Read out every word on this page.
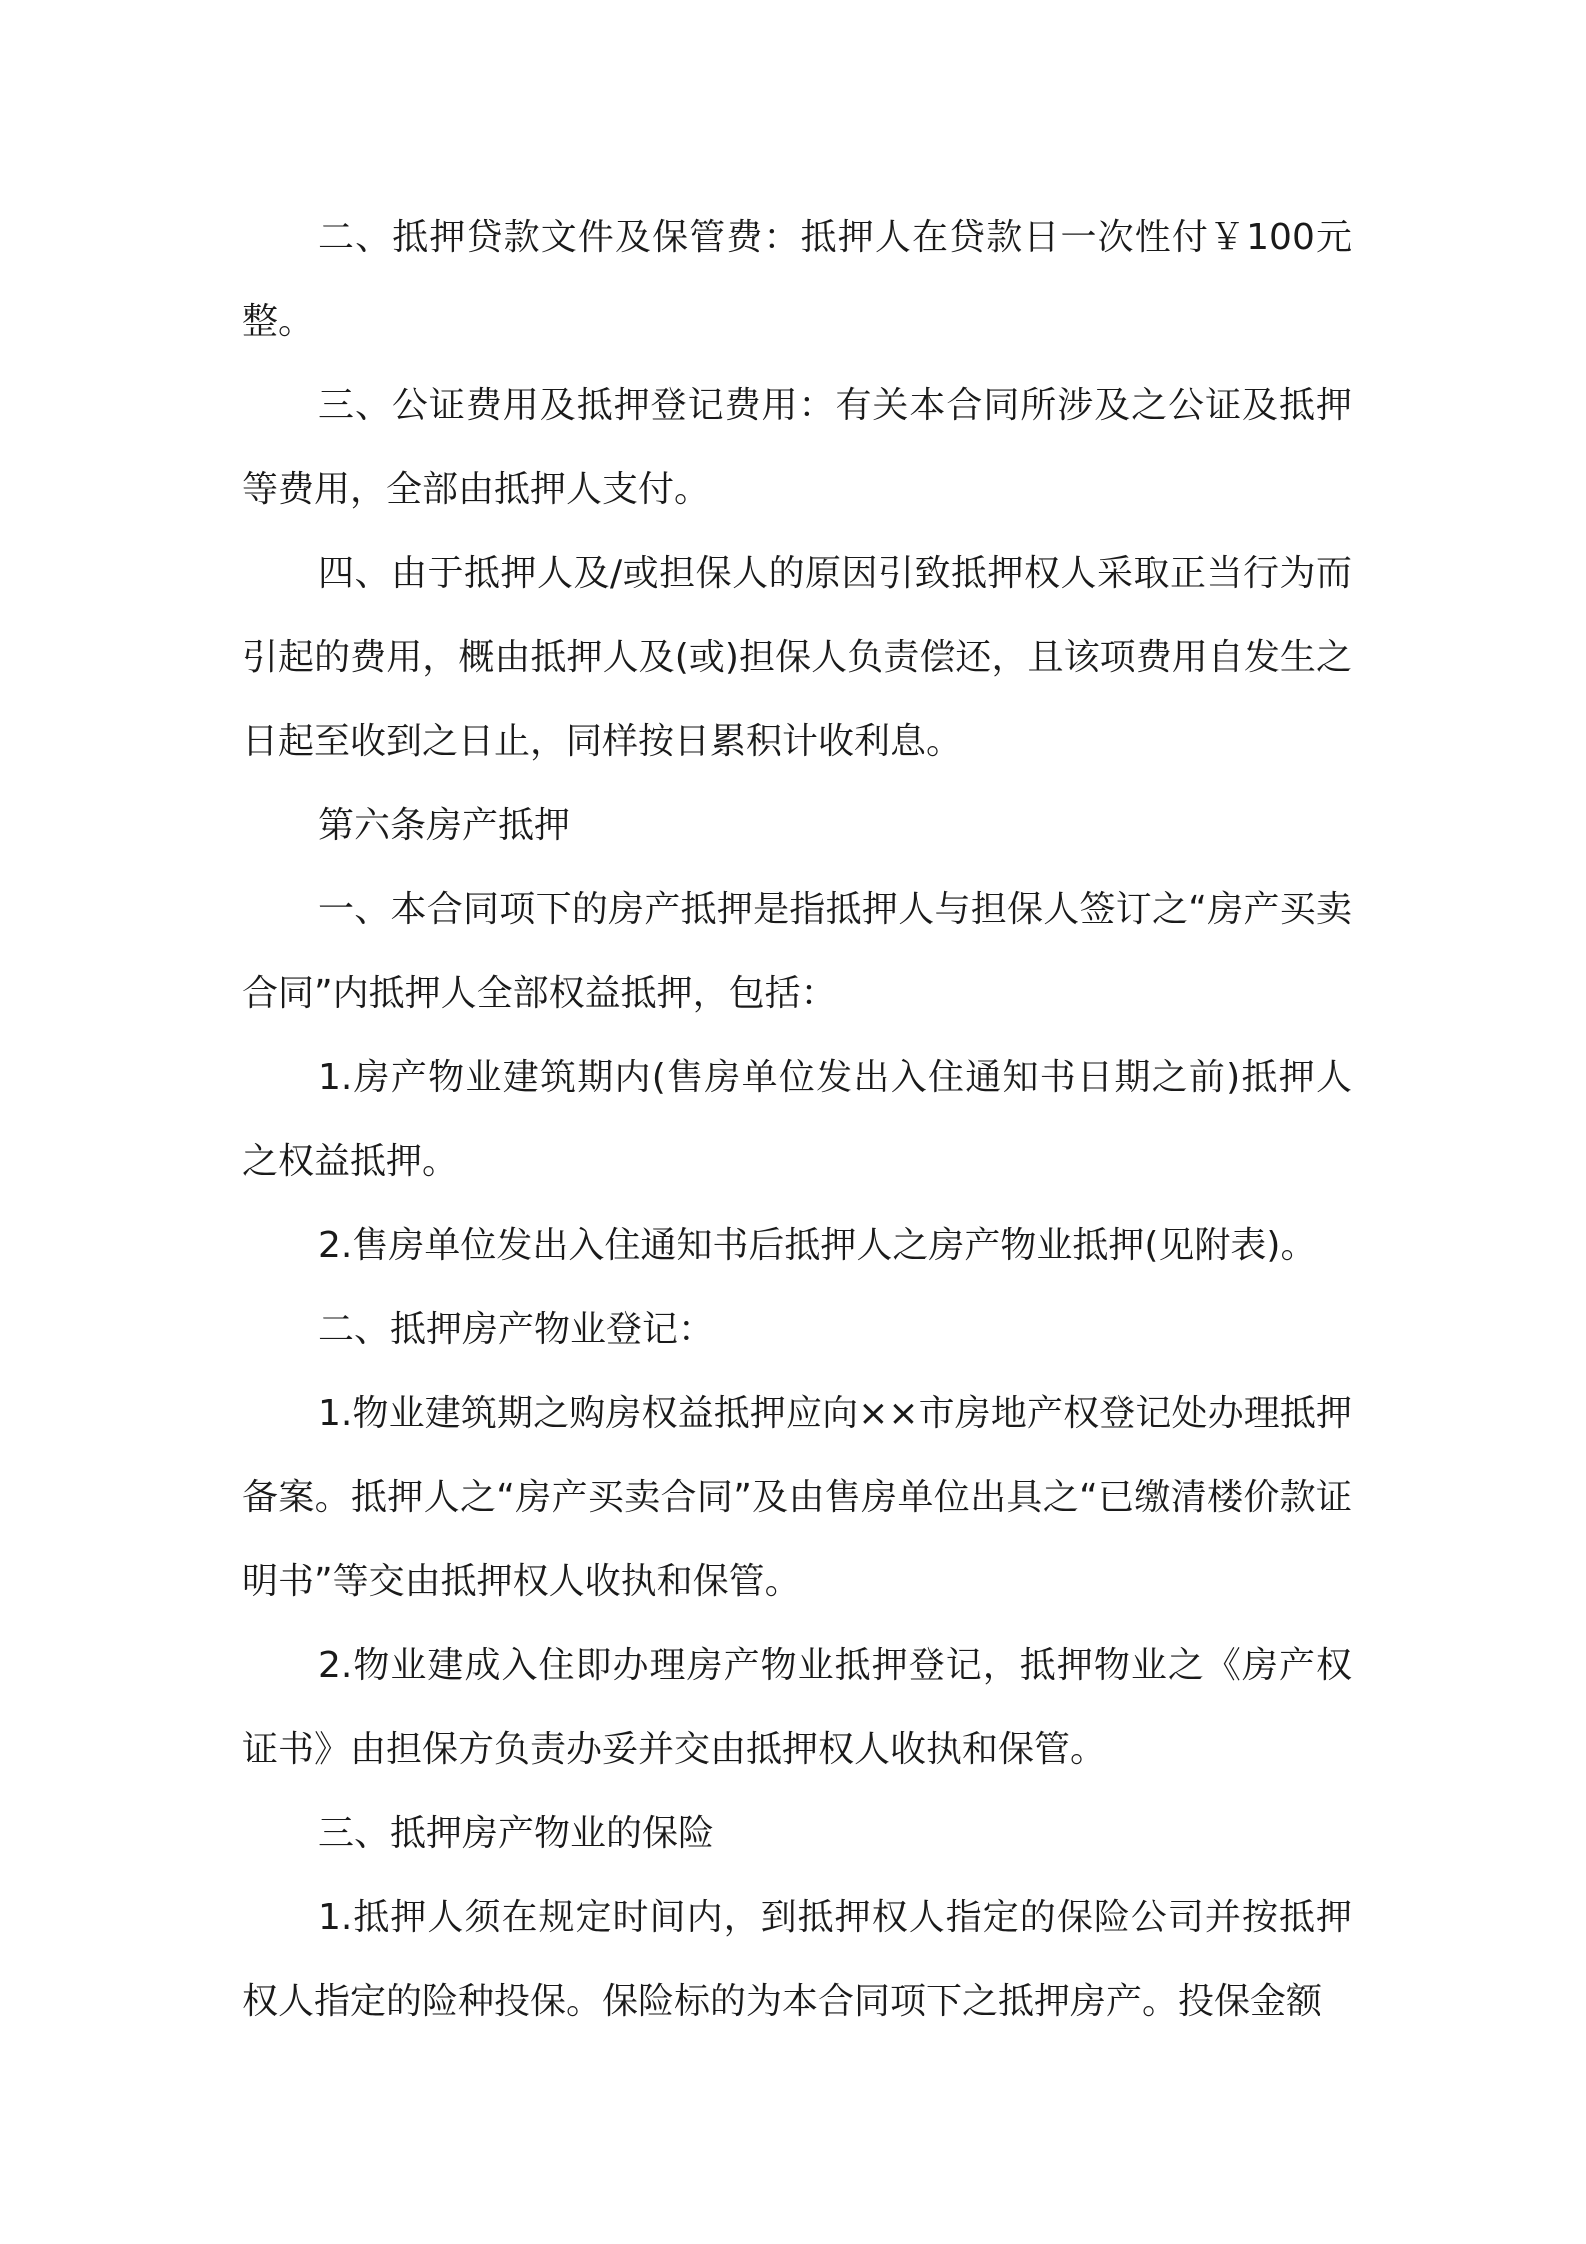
二、抵押贷款文件及保管费：抵押人在贷款日一次性付￥100元整。

三、公证费用及抵押登记费用：有关本合同所涉及之公证及抵押等费用，全部由抵押人支付。

四、由于抵押人及/或担保人的原因引致抵押权人采取正当行为而引起的费用，概由抵押人及(或)担保人负责偿还，且该项费用自发生之日起至收到之日止，同样按日累积计收利息。

第六条房产抵押

一、本合同项下的房产抵押是指抵押人与担保人签订之“房产买卖合同”内抵押人全部权益抵押，包括：

1.房产物业建筑期内(售房单位发出入住通知书日期之前)抵押人之权益抵押。

2.售房单位发出入住通知书后抵押人之房产物业抵押(见附表)。

二、抵押房产物业登记：

1.物业建筑期之购房权益抵押应向××市房地产权登记处办理抵押备案。抵押人之“房产买卖合同”及由售房单位出具之“已缴清楼价款证明书”等交由抵押权人收执和保管。

2.物业建成入住即办理房产物业抵押登记，抵押物业之《房产权证书》由担保方负责办妥并交由抵押权人收执和保管。

三、抵押房产物业的保险

1.抵押人须在规定时间内，到抵押权人指定的保险公司并按抵押权人指定的险种投保。保险标的为本合同项下之抵押房产。投保金额
